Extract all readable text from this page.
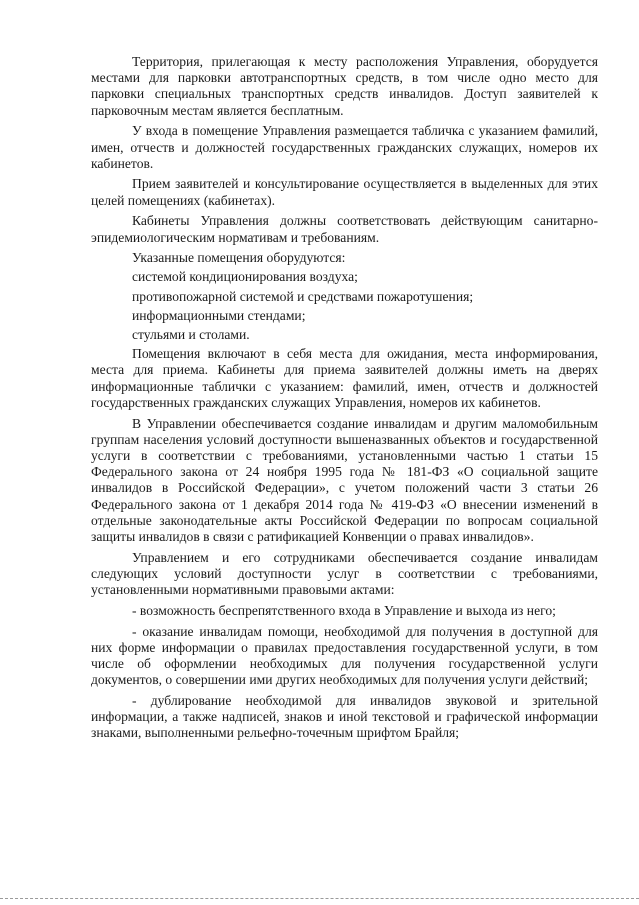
Территория, прилегающая к месту расположения Управления, оборудуется местами для парковки автотранспортных средств, в том числе одно место для парковки специальных транспортных средств инвалидов. Доступ заявителей к парковочным местам является бесплатным.

У входа в помещение Управления размещается табличка с указанием фамилий, имен, отчеств и должностей государственных гражданских служащих, номеров их кабинетов.

Прием заявителей и консультирование осуществляется в выделенных для этих целей помещениях (кабинетах).

Кабинеты Управления должны соответствовать действующим санитарно-эпидемиологическим нормативам и требованиям.

Указанные помещения оборудуются:

системой кондиционирования воздуха;

противопожарной системой и средствами пожаротушения;

информационными стендами;

стульями и столами.

Помещения включают в себя места для ожидания, места информирования, места для приема. Кабинеты для приема заявителей должны иметь на дверях информационные таблички с указанием: фамилий, имен, отчеств и должностей государственных гражданских служащих Управления, номеров их кабинетов.

В Управлении обеспечивается создание инвалидам и другим маломобильным группам населения условий доступности вышеназванных объектов и государственной услуги в соответствии с требованиями, установленными частью 1 статьи 15 Федерального закона от 24 ноября 1995 года № 181-ФЗ «О социальной защите инвалидов в Российской Федерации», с учетом положений части 3 статьи 26 Федерального закона от 1 декабря 2014 года № 419-ФЗ «О внесении изменений в отдельные законодательные акты Российской Федерации по вопросам социальной защиты инвалидов в связи с ратификацией Конвенции о правах инвалидов».

Управлением и его сотрудниками обеспечивается создание инвалидам следующих условий доступности услуг в соответствии с требованиями, установленными нормативными правовыми актами:

- возможность беспрепятственного входа в Управление и выхода из него;

- оказание инвалидам помощи, необходимой для получения в доступной для них форме информации о правилах предоставления государственной услуги, в том числе об оформлении необходимых для получения государственной услуги документов, о совершении ими других необходимых для получения услуги действий;

- дублирование необходимой для инвалидов звуковой и зрительной информации, а также надписей, знаков и иной текстовой и графической информации знаками, выполненными рельефно-точечным шрифтом Брайля;
